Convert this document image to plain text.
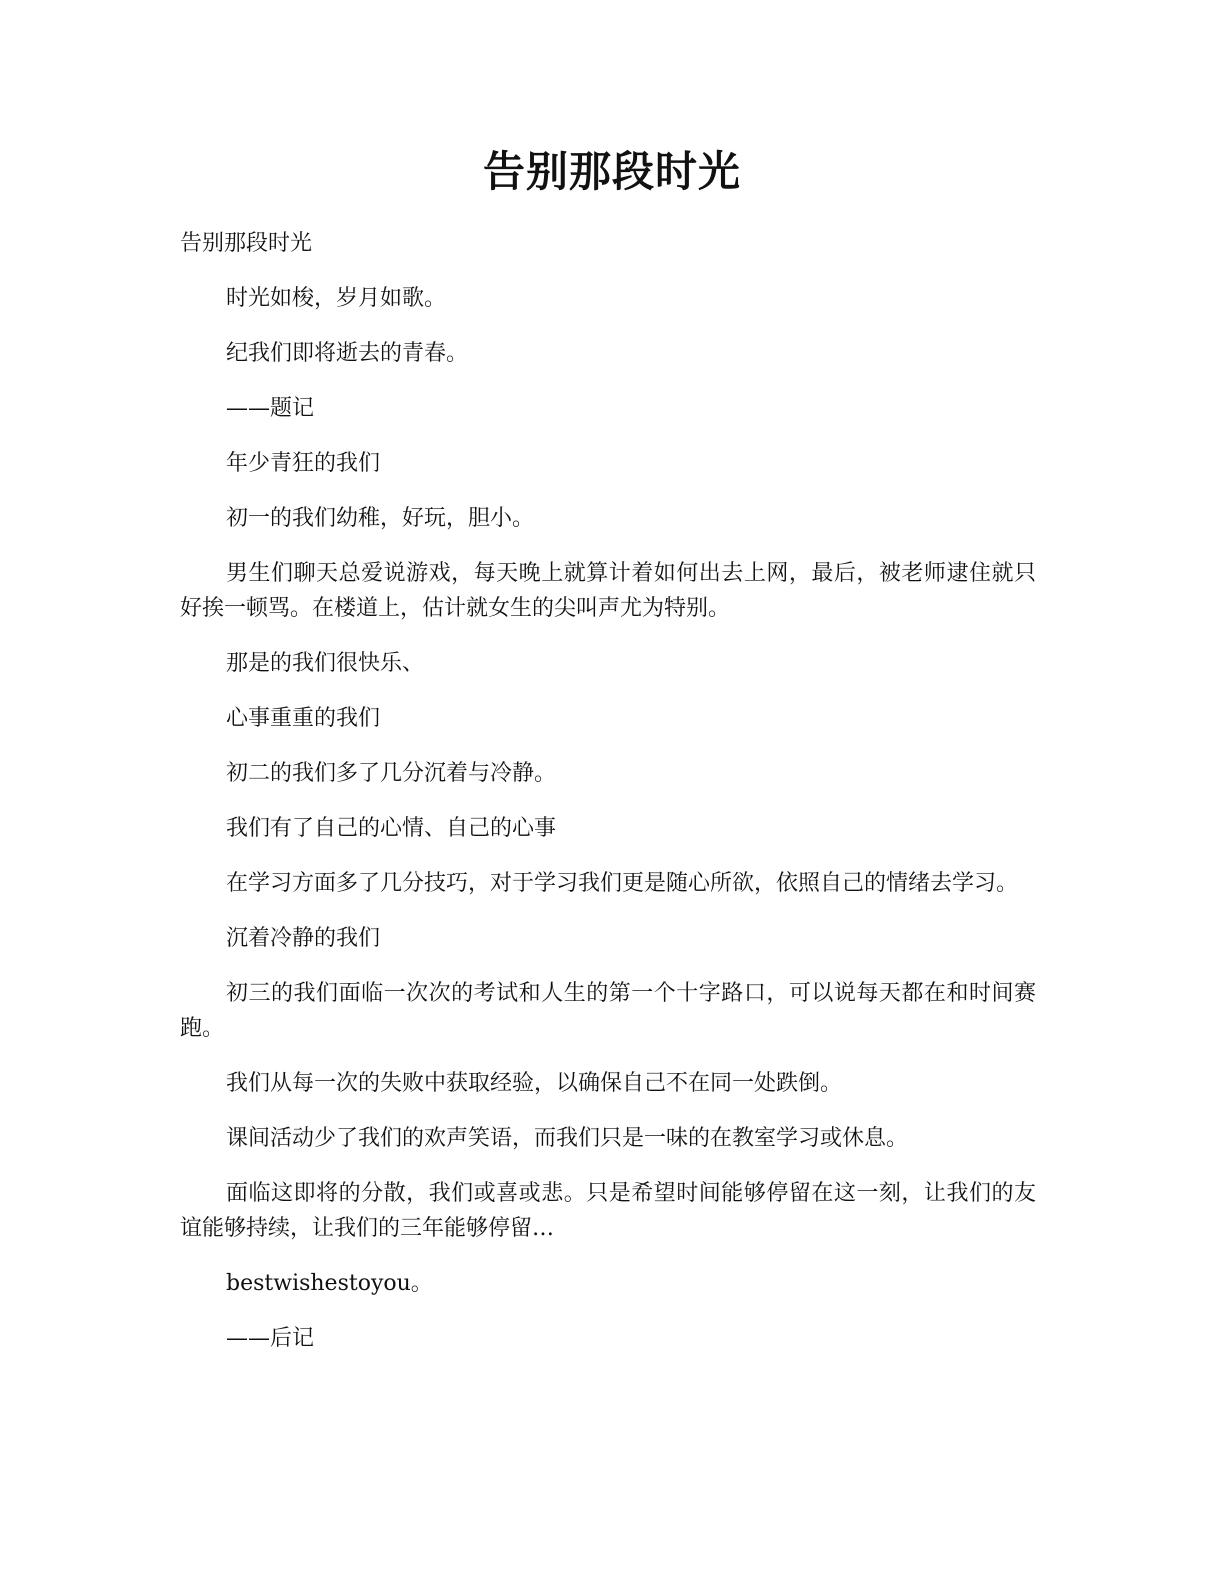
告别那段时光

告别那段时光

时光如梭，岁月如歌。

纪我们即将逝去的青春。

——题记

年少青狂的我们

初一的我们幼稚，好玩，胆小。

男生们聊天总爱说游戏，每天晚上就算计着如何出去上网，最后，被老师逮住就只好挨一顿骂。在楼道上，估计就女生的尖叫声尤为特别。

那是的我们很快乐、

心事重重的我们

初二的我们多了几分沉着与冷静。

我们有了自己的心情、自己的心事

在学习方面多了几分技巧，对于学习我们更是随心所欲，依照自己的情绪去学习。

沉着冷静的我们

初三的我们面临一次次的考试和人生的第一个十字路口，可以说每天都在和时间赛跑。

我们从每一次的失败中获取经验，以确保自己不在同一处跌倒。

课间活动少了我们的欢声笑语，而我们只是一味的在教室学习或休息。

面临这即将的分散，我们或喜或悲。只是希望时间能够停留在这一刻，让我们的友谊能够持续，让我们的三年能够停留…

bestwishestoyou。

——后记
